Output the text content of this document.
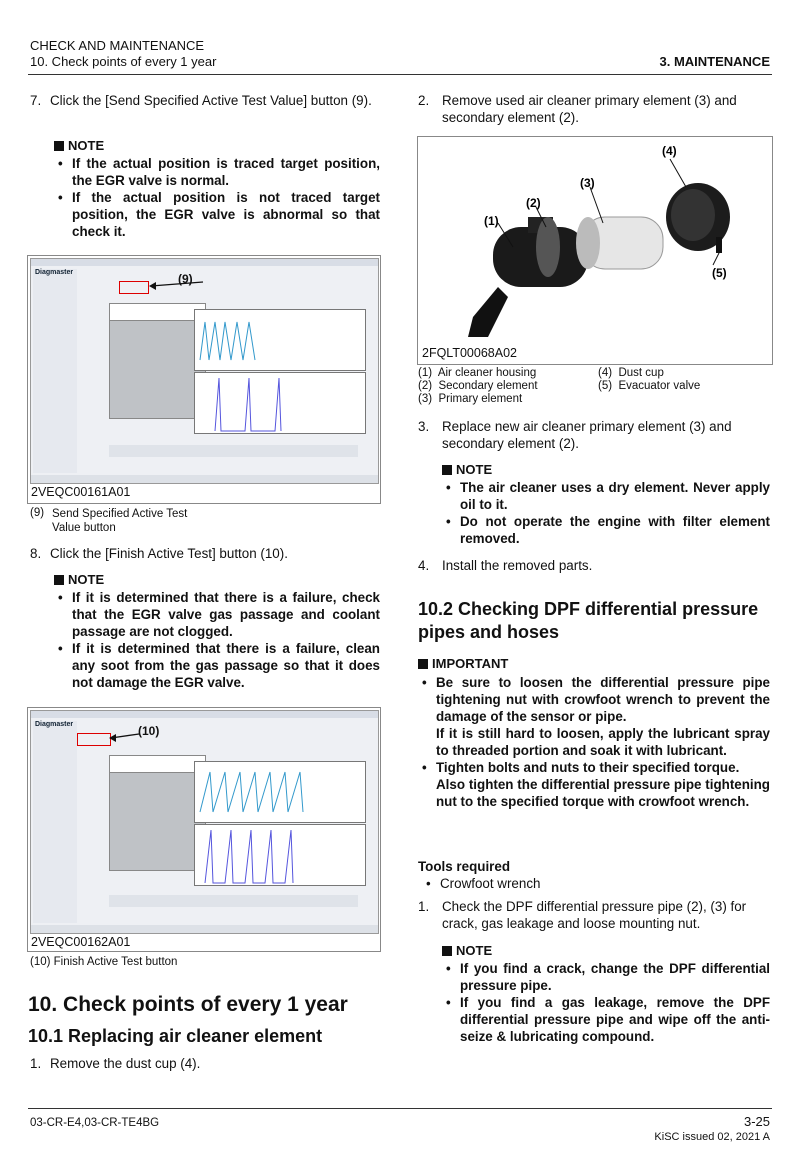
CHECK AND MAINTENANCE
10. Check points of every 1 year	3. MAINTENANCE
7. Click the [Send Specified Active Test Value] button (9).
NOTE
• If the actual position is traced target position, the EGR valve is normal.
• If the actual position is not traced target position, the EGR valve is abnormal so that check it.
Diagmaster	(9)
2VEQC00161A01
(9) Send Specified Active Test Value button
8. Click the [Finish Active Test] button (10).
NOTE
• If it is determined that there is a failure, check that the EGR valve gas passage and coolant passage are not clogged.
• If it is determined that there is a failure, clean any soot from the gas passage so that it does not damage the EGR valve.
Diagmaster	(10)
2VEQC00162A01
(10) Finish Active Test button
10. Check points of every 1 year
10.1 Replacing air cleaner element
1. Remove the dust cup (4).
2. Remove used air cleaner primary element (3) and secondary element (2).
(1)
(2)
(3)
(4)
(5)
2FQLT00068A02
(1) Air cleaner housing
(2) Secondary element
(3) Primary element
(4) Dust cup
(5) Evacuator valve
3. Replace new air cleaner primary element (3) and secondary element (2).
NOTE
• The air cleaner uses a dry element. Never apply oil to it.
• Do not operate the engine with filter element removed.
4. Install the removed parts.
10.2 Checking DPF differential pressure pipes and hoses
IMPORTANT
• Be sure to loosen the differential pressure pipe tightening nut with crowfoot wrench to prevent the damage of the sensor or pipe.
If it is still hard to loosen, apply the lubricant spray to threaded portion and soak it with lubricant.
• Tighten bolts and nuts to their specified torque.
Also tighten the differential pressure pipe tightening nut to the specified torque with crowfoot wrench.
Tools required
• Crowfoot wrench
1. Check the DPF differential pressure pipe (2), (3) for crack, gas leakage and loose mounting nut.
NOTE
• If you find a crack, change the DPF differential pressure pipe.
• If you find a gas leakage, remove the DPF differential pressure pipe and wipe off the anti-seize & lubricating compound.
03-CR-E4,03-CR-TE4BG	3-25
KiSC issued 02, 2021 A
